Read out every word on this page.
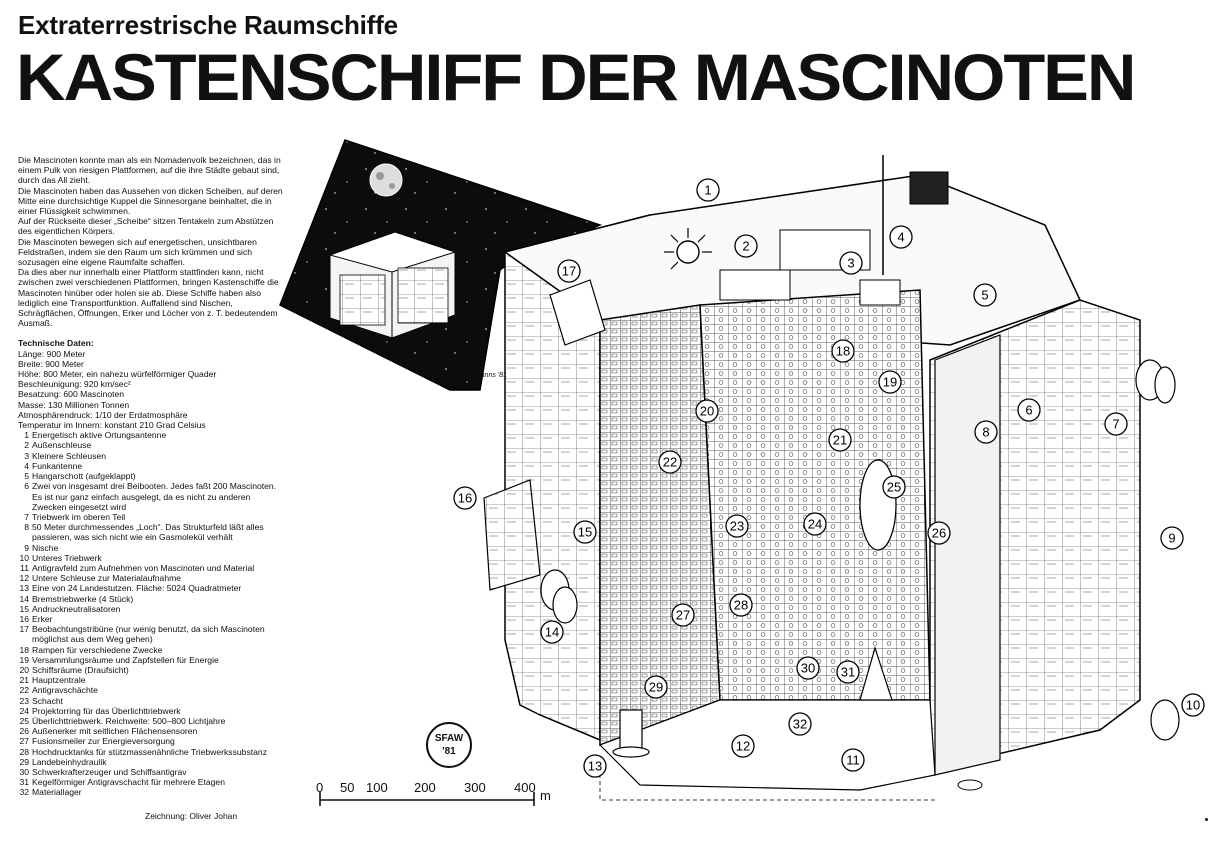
Extraterrestrische Raumschiffe
KASTENSCHIFF DER MASCINOTEN

Die Mascinoten konnte man als ein Nomadenvolk bezeichnen, das in einem Pulk von riesigen Plattformen, auf die ihre Städte gebaut sind, durch das All zieht.

Die Mascinoten haben das Aussehen von dicken Scheiben, auf deren Mitte eine durchsichtige Kuppel die Sinnesorgane beinhaltet, die in einer Flüssigkeit schwimmen.

Auf der Rückseite dieser „Scheibe“ sitzen Tentakeln zum Abstützen des eigentlichen Körpers.

Die Mascinoten bewegen sich auf energetischen, unsichtbaren Feldstraßen, indem sie den Raum um sich krümmen und sich sozusagen eine eigene Raumfalte schaffen.

Da dies aber nur innerhalb einer Plattform stattfinden kann, nicht zwischen zwei verschiedenen Plattformen, bringen Kastenschiffe die Mascinoten hinüber oder holen sie ab. Diese Schiffe haben also lediglich eine Transportfunktion. Auffallend sind Nischen, Schrägflächen, Öffnungen, Erker und Löcher von z. T. bedeutendem Ausmaß.

Technische Daten:
Länge: 900 Meter
Breite: 900 Meter
Höhe: 800 Meter, ein nahezu würfelförmiger Quader
Beschleunigung: 920 km/sec²
Besatzung: 600 Mascinoten
Masse: 130 Millionen Tonnen
Atmosphärendruck: 1/10 der Erdatmosphäre
Temperatur im Innern: konstant 210 Grad Celsius
1 Energetisch aktive Ortungsantenne
2 Außenschleuse
3 Kleinere Schleusen
4 Funkantenne
5 Hangarschott (aufgeklappt)
6 Zwei von insgesamt drei Beibooten. Jedes faßt 200 Mascinoten. Es ist nur ganz einfach ausgelegt, da es nicht zu anderen Zwecken eingesetzt wird
7 Triebwerk im oberen Teil
8 50 Meter durchmessendes „Loch“. Das Strukturfeld läßt alles passieren, was sich nicht wie ein Gasmolekül verhält
9 Nische
10 Unteres Triebwerk
11 Antigravfeld zum Aufnehmen von Mascinoten und Material
12 Untere Schleuse zur Materialaufnahme
13 Eine von 24 Landestutzen. Fläche: 5024 Quadratmeter
14 Bremstriebwerke (4 Stück)
15 Andruckneutralisatoren
16 Erker
17 Beobachtungstribüne (nur wenig benutzt, da sich Mascinoten möglichst aus dem Weg gehen)
18 Rampen für verschiedene Zwecke
19 Versammlungsräume und Zapfstellen für Energie
20 Schiffsräume (Draufsicht)
21 Hauptzentrale
22 Antigravschächte
23 Schacht
24 Projektorring für das Überlichttriebwerk
25 Überlichttriebwerk. Reichweite: 500–800 Lichtjahre
26 Außenerker mit seitlichen Flächensensoren
27 Fusionsmeiler zur Energieversorgung
28 Hochdrucktanks für stützmassenähnliche Triebwerkssubstanz
29 Landebeinhydraulik
30 Schwerkrafterzeuger und Schiffsantigrav
31 Kegelförmiger Antigravschacht für mehrere Etagen
32 Materiallager
Zeichnung: Oliver Johan
1
2
3
4
5
6
7
8
9
10
11
12
13
14
15
16
17
18
19
20
21
22
23	24
25
26
27
28
29
30 31
32
O.Johanns '81
SFAW '81
0 50 100 200 300 400
m
